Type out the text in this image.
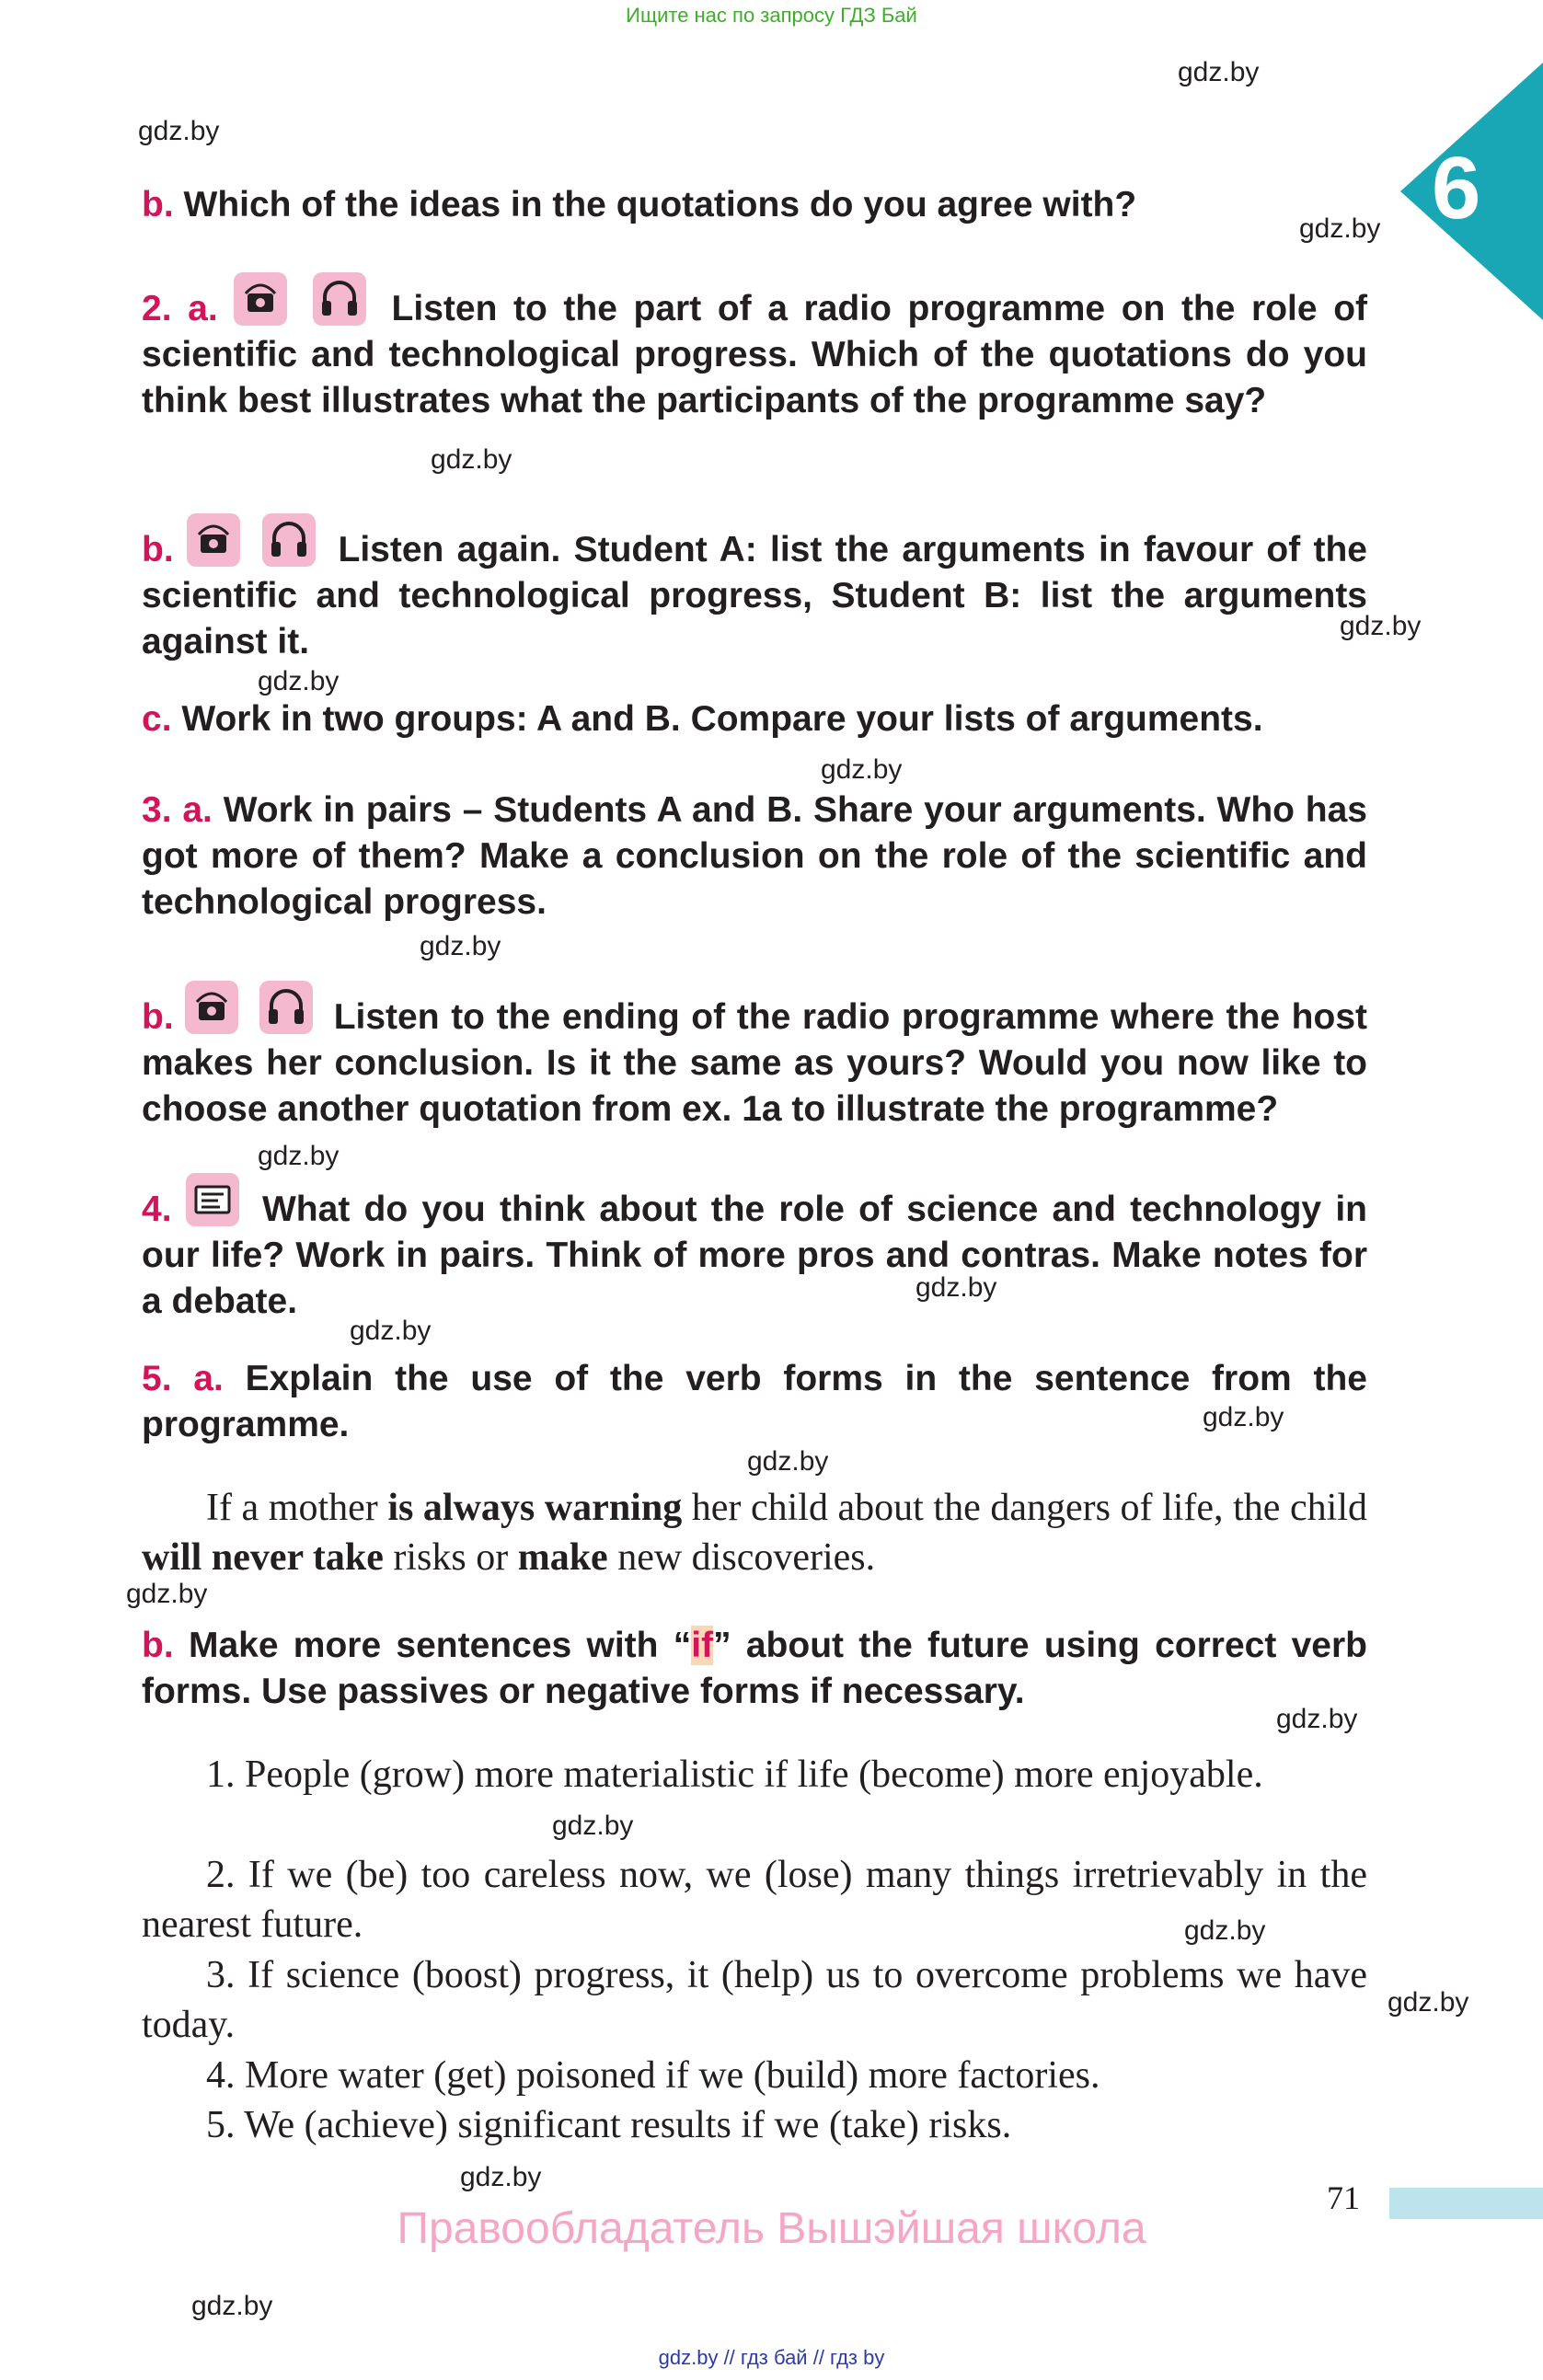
Ищите нас по запросу ГДЗ Бай
6
gdz.by
gdz.by
gdz.by
gdz.by
gdz.by
gdz.by
gdz.by
gdz.by
gdz.by
gdz.by
gdz.by
gdz.by
gdz.by
gdz.by
gdz.by
gdz.by
gdz.by
gdz.by
gdz.by
gdz.by
b. Which of the ideas in the quotations do you agree with?
2. a.
	Listen to the part of a radio programme on the role of scientific and technological progress. Which of the quotations do you think best illustrates what the participants of the programme say?
b.
	Listen again. Student A: list the arguments in favour of the scientific and technological progress, Student B: list the arguments against it.
c. Work in two groups: A and B. Compare your lists of arguments.
3. a. Work in pairs – Students A and B. Share your arguments. Who has got more of them? Make a conclusion on the role of the scientific and technological progress.
b.
	Listen to the ending of the radio programme where the host makes her conclusion. Is it the same as yours? Would you now like to choose another quotation from ex. 1a to illustrate the programme?
4.	What do you think about the role of science and technology in our life? Work in pairs. Think of more pros and contras. Make notes for a debate.
5. a. Explain the use of the verb forms in the sentence from the programme.
If a mother is always warning her child about the dangers of life, the child will never take risks or make new discoveries.
b. Make more sentences with “if” about the future using correct verb forms. Use passives or negative forms if necessary.
1. People (grow) more materialistic if life (become) more enjoyable.
2. If we (be) too careless now, we (lose) many things irretrievably in the nearest future.
3. If science (boost) progress, it (help) us to overcome problems we have today.
4. More water (get) poisoned if we (build) more factories.
5. We (achieve) significant results if we (take) risks.
71
Правообладатель Вышэйшая школа
gdz.by // гдз бай // гдз by
